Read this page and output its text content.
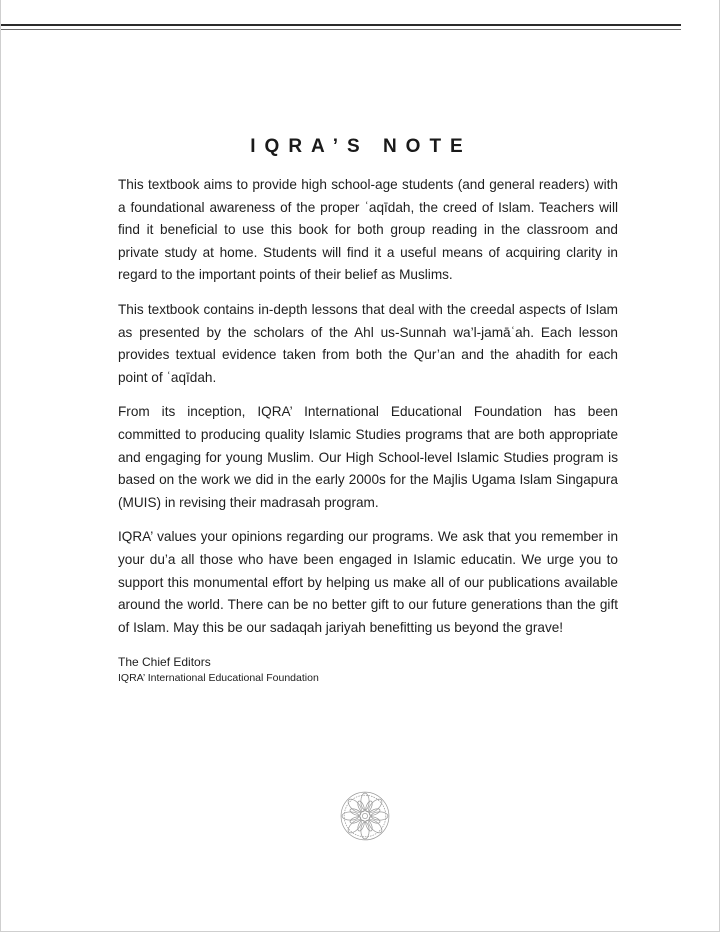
IQRA’S NOTE

This textbook aims to provide high school-age students (and general readers) with a foundational awareness of the proper ʿaqīdah, the creed of Islam. Teachers will find it beneficial to use this book for both group reading in the classroom and private study at home. Students will find it a useful means of acquiring clarity in regard to the important points of their belief as Muslims.

This textbook contains in-depth lessons that deal with the creedal aspects of Islam as presented by the scholars of the Ahl us-Sunnah wa’l-jamāʿah. Each lesson provides textual evidence taken from both the Qur’an and the ahadith for each point of ʿaqīdah.

From its inception, IQRA’ International Educational Foundation has been committed to producing quality Islamic Studies programs that are both appropriate and engaging for young Muslim. Our High School-level Islamic Studies program is based on the work we did in the early 2000s for the Majlis Ugama Islam Singapura (MUIS) in revising their madrasah program.

IQRA’ values your opinions regarding our programs. We ask that you remember in your du’a all those who have been engaged in Islamic educatin. We urge you to support this monumental effort by helping us make all of our publications available around the world. There can be no better gift to our future generations than the gift of Islam. May this be our sadaqah jariyah benefitting us beyond the grave!

The Chief Editors
IQRA’ International Educational Foundation
